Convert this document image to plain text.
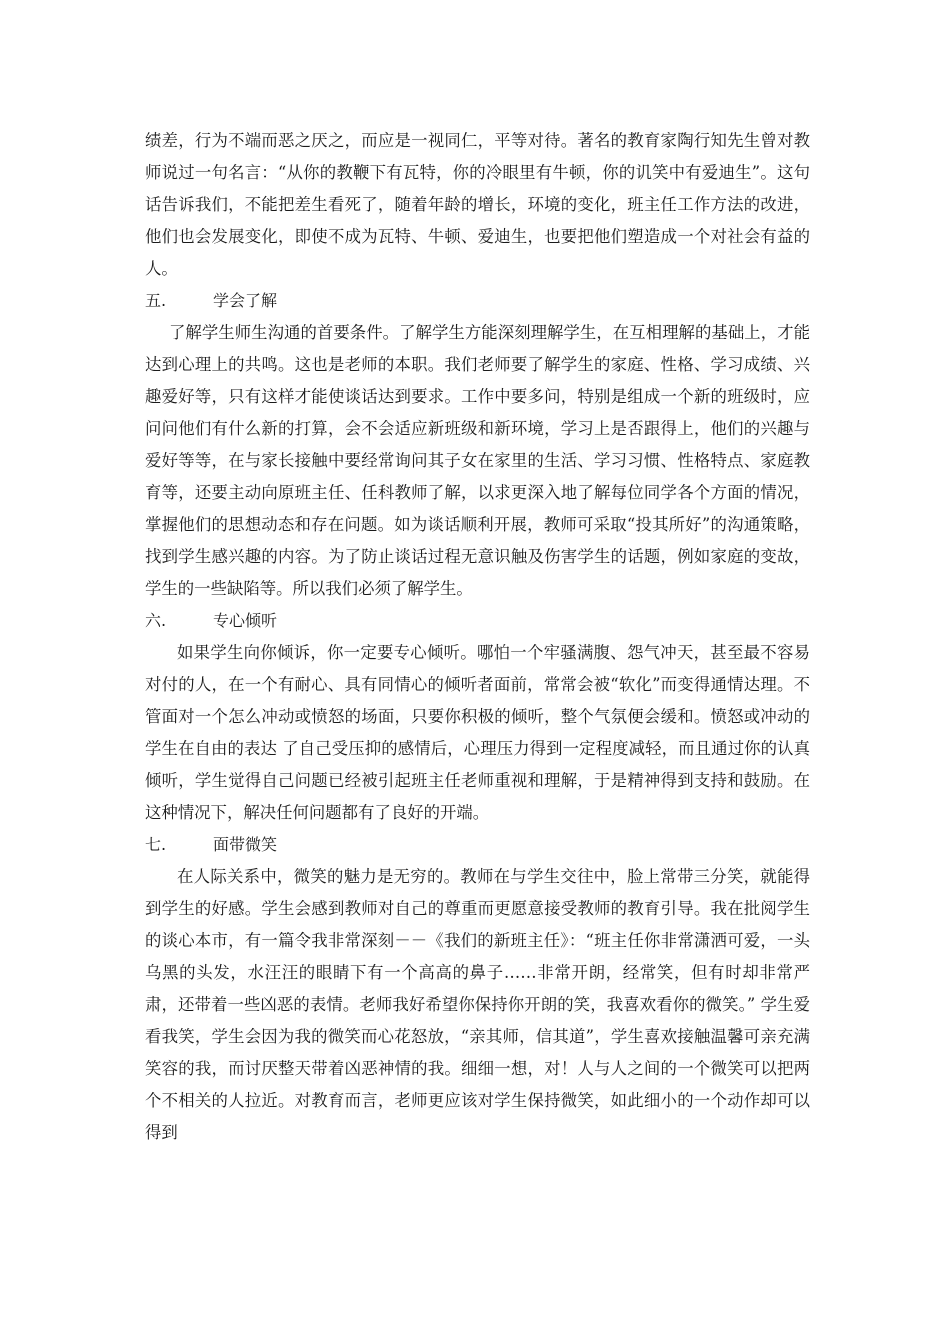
绩差，行为不端而恶之厌之，而应是一视同仁，平等对待。著名的教育家陶行知先生曾对教师说过一句名言：“从你的教鞭下有瓦特，你的冷眼里有牛顿，你的讥笑中有爱迪生”。这句话告诉我们，不能把差生看死了，随着年龄的增长，环境的变化，班主任工作方法的改进，他们也会发展变化，即使不成为瓦特、牛顿、爱迪生，也要把他们塑造成一个对社会有益的人。

五.	学会了解

了解学生师生沟通的首要条件。了解学生方能深刻理解学生，在互相理解的基础上，才能达到心理上的共鸣。这也是老师的本职。我们老师要了解学生的家庭、性格、学习成绩、兴趣爱好等，只有这样才能使谈话达到要求。工作中要多问，特别是组成一个新的班级时，应问问他们有什么新的打算，会不会适应新班级和新环境，学习上是否跟得上，他们的兴趣与爱好等等，在与家长接触中要经常询问其子女在家里的生活、学习习惯、性格特点、家庭教育等，还要主动向原班主任、任科教师了解，以求更深入地了解每位同学各个方面的情况，掌握他们的思想动态和存在问题。如为谈话顺利开展，教师可采取“投其所好”的沟通策略，找到学生感兴趣的内容。为了防止谈话过程无意识触及伤害学生的话题，例如家庭的变故，学生的一些缺陷等。所以我们必须了解学生。

六.	专心倾听

如果学生向你倾诉，你一定要专心倾听。哪怕一个牢骚满腹、怨气冲天，甚至最不容易对付的人，在一个有耐心、具有同情心的倾听者面前，常常会被“软化”而变得通情达理。不管面对一个怎么冲动或愤怒的场面，只要你积极的倾听，整个气氛便会缓和。愤怒或冲动的学生在自由的表达 了自己受压抑的感情后，心理压力得到一定程度减轻，而且通过你的认真倾听，学生觉得自己问题已经被引起班主任老师重视和理解，于是精神得到支持和鼓励。在这种情况下，解决任何问题都有了良好的开端。

七.	面带微笑

在人际关系中，微笑的魅力是无穷的。教师在与学生交往中，脸上常带三分笑，就能得到学生的好感。学生会感到教师对自己的尊重而更愿意接受教师的教育引导。我在批阅学生的谈心本市，有一篇令我非常深刻－－《我们的新班主任》：“班主任你非常潇洒可爱，一头乌黑的头发，水汪汪的眼睛下有一个高高的鼻子……非常开朗，经常笑，但有时却非常严肃，还带着一些凶恶的表情。老师我好希望你保持你开朗的笑，我喜欢看你的微笑。” 学生爱看我笑，学生会因为我的微笑而心花怒放，“亲其师，信其道”，学生喜欢接触温馨可亲充满笑容的我，而讨厌整天带着凶恶神情的我。细细一想，对！人与人之间的一个微笑可以把两个不相关的人拉近。对教育而言，老师更应该对学生保持微笑，如此细小的一个动作却可以得到
